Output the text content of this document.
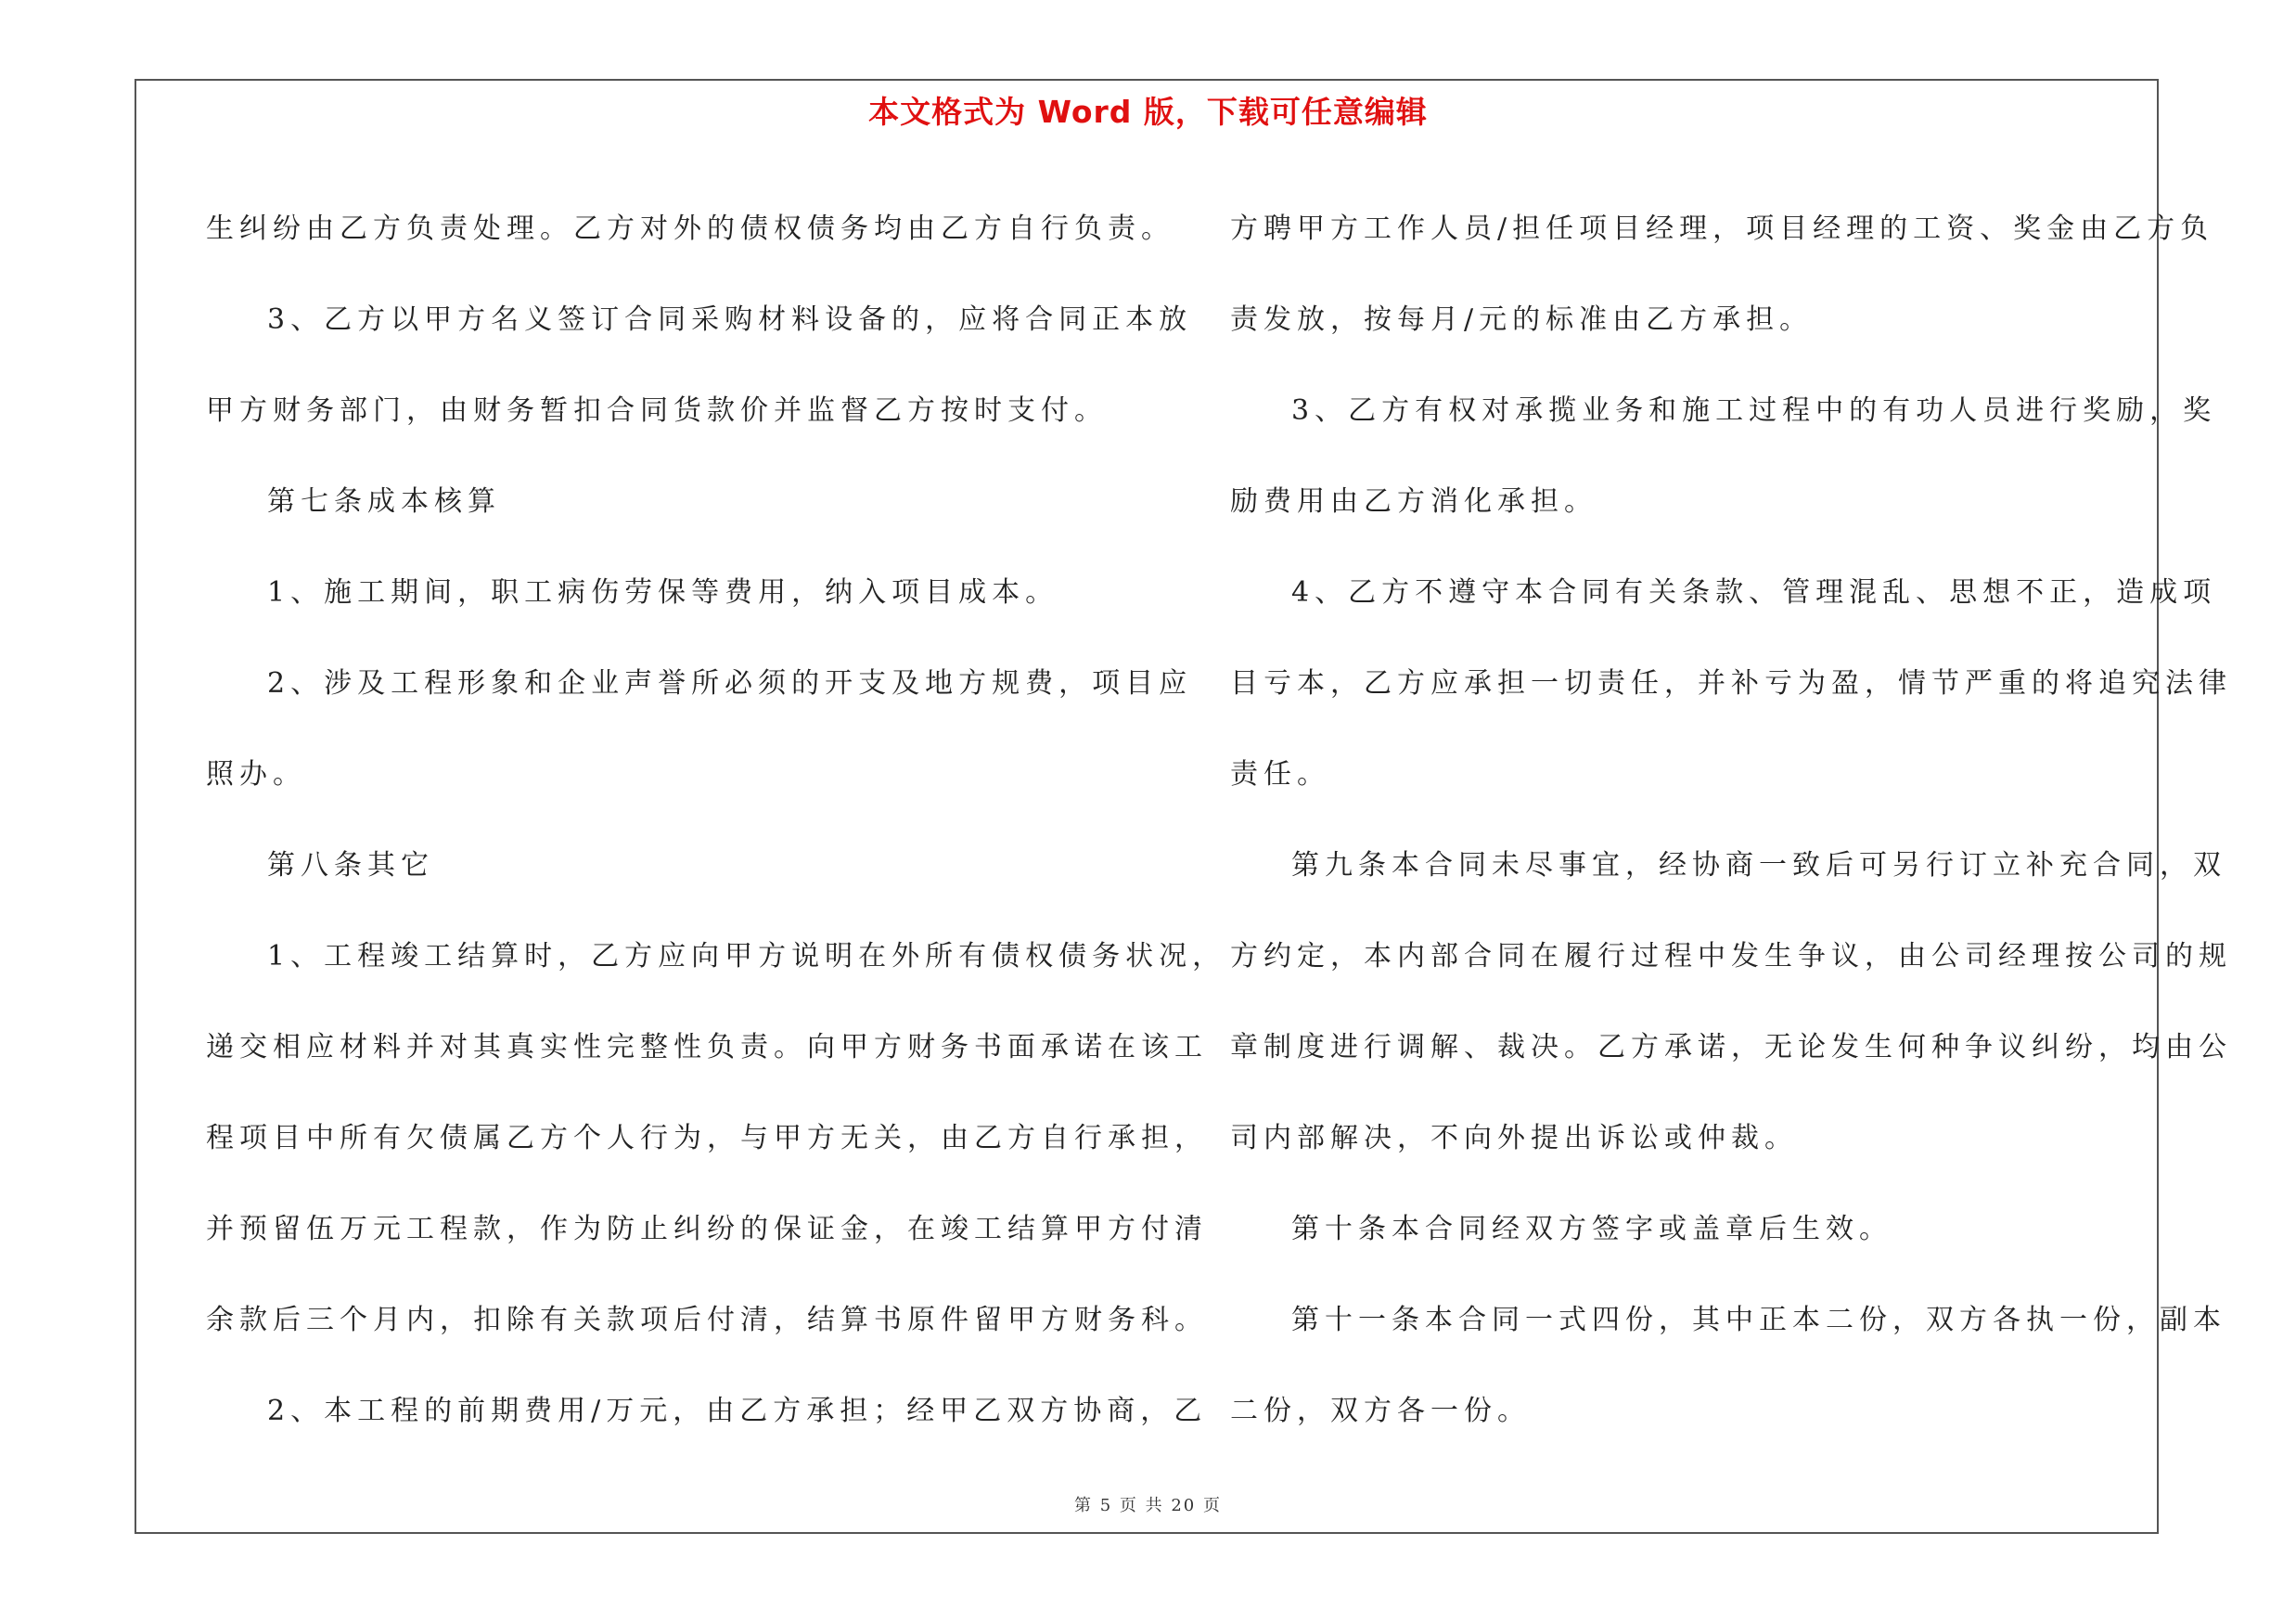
本文格式为 Word 版，下载可任意编辑

生纠纷由乙方负责处理。乙方对外的债权债务均由乙方自行负责。

3、乙方以甲方名义签订合同采购材料设备的，应将合同正本放

甲方财务部门，由财务暂扣合同货款价并监督乙方按时支付。

第七条成本核算

1、施工期间，职工病伤劳保等费用，纳入项目成本。

2、涉及工程形象和企业声誉所必须的开支及地方规费，项目应

照办。

第八条其它

1、工程竣工结算时，乙方应向甲方说明在外所有债权债务状况，

递交相应材料并对其真实性完整性负责。向甲方财务书面承诺在该工

程项目中所有欠债属乙方个人行为，与甲方无关，由乙方自行承担，

并预留伍万元工程款，作为防止纠纷的保证金，在竣工结算甲方付清

余款后三个月内，扣除有关款项后付清，结算书原件留甲方财务科。

2、本工程的前期费用/万元，由乙方承担；经甲乙双方协商，乙

方聘甲方工作人员/担任项目经理，项目经理的工资、奖金由乙方负

责发放，按每月/元的标准由乙方承担。

3、乙方有权对承揽业务和施工过程中的有功人员进行奖励，奖

励费用由乙方消化承担。

4、乙方不遵守本合同有关条款、管理混乱、思想不正，造成项

目亏本，乙方应承担一切责任，并补亏为盈，情节严重的将追究法律

责任。

第九条本合同未尽事宜，经协商一致后可另行订立补充合同，双

方约定，本内部合同在履行过程中发生争议，由公司经理按公司的规

章制度进行调解、裁决。乙方承诺，无论发生何种争议纠纷，均由公

司内部解决，不向外提出诉讼或仲裁。

第十条本合同经双方签字或盖章后生效。

第十一条本合同一式四份，其中正本二份，双方各执一份，副本

二份，双方各一份。

第 5 页 共 20 页
